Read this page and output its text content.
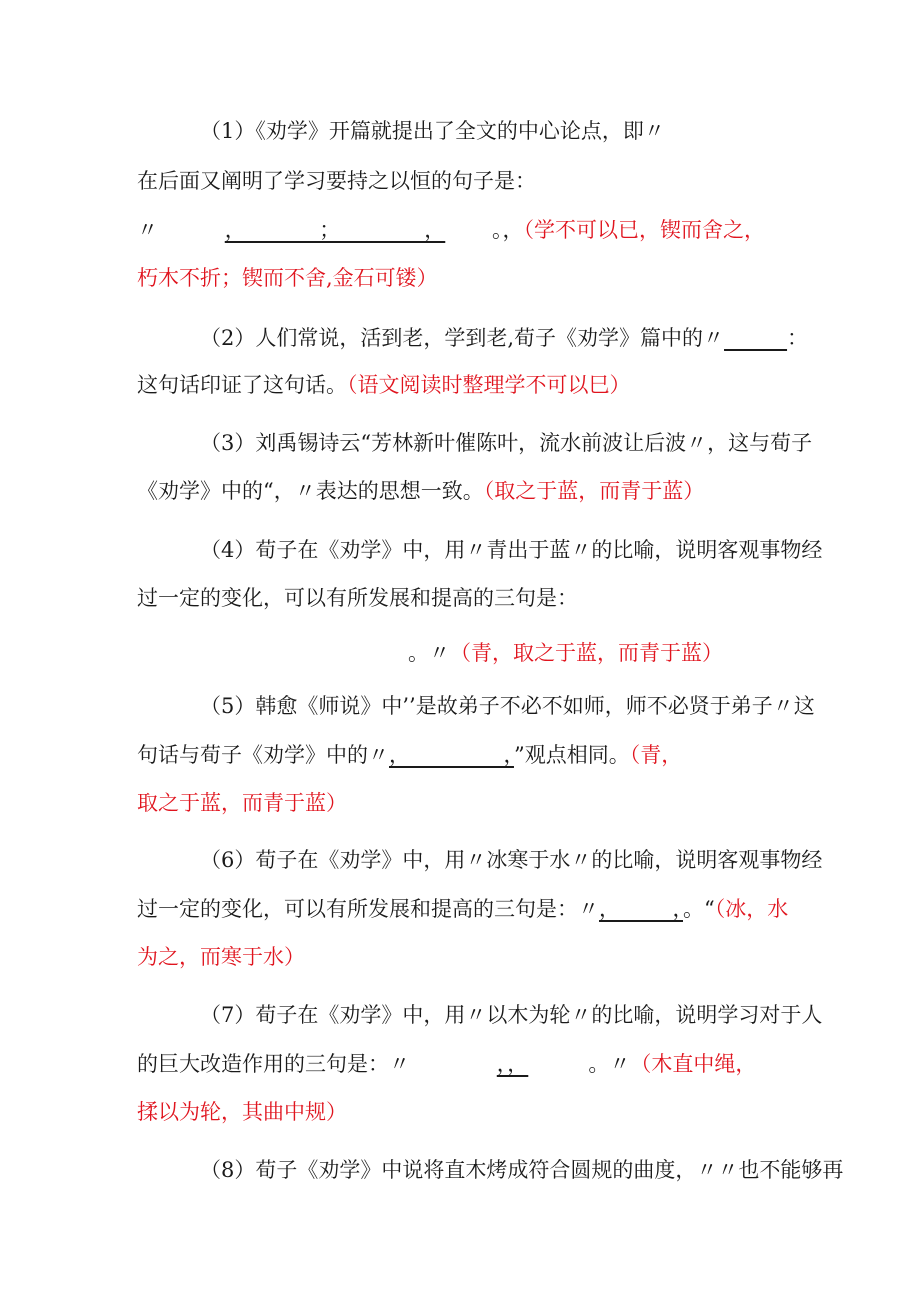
（1）《劝学》开篇就提出了全文的中心论点，即〃
在后面又阐明了学习要持之以恒的句子是：
〃          ，_______；________，       。，（学不可以已，锲而舍之，
朽木不折；锲而不舍,金石可镂）
（2）人们常说，活到老，学到老,荀子《劝学》篇中的〃______：
这句话印证了这句话。（语文阅读时整理学不可以巳）
（3）刘禹锡诗云“芳林新叶催陈叶，流水前波让后波〃，这与荀子
《劝学》中的“，〃表达的思想一致。（取之于蓝，而青于蓝）
（4）荀子在《劝学》中，用〃青出于蓝〃的比喻，说明客观事物经
过一定的变化，可以有所发展和提高的三句是：
。〃（青，取之于蓝，而青于蓝）
（5）韩愈《师说》中’’是故弟子不必不如师，师不必贤于弟子〃这
句话与荀子《劝学》中的〃，              ，”观点相同。（青，
取之于蓝，而青于蓝）
（6）荀子在《劝学》中，用〃冰寒于水〃的比喻，说明客观事物经
过一定的变化，可以有所发展和提高的三句是：〃，_____，。“（冰，水
为之，而寒于水）
（7）荀子在《劝学》中，用〃以木为轮〃的比喻，说明学习对于人
的巨大改造作用的三句是：〃             ，，         。〃（木直中绳，
揉以为轮，其曲中规）
（8）荀子《劝学》中说将直木烤成符合圆规的曲度，〃〃也不能够再
